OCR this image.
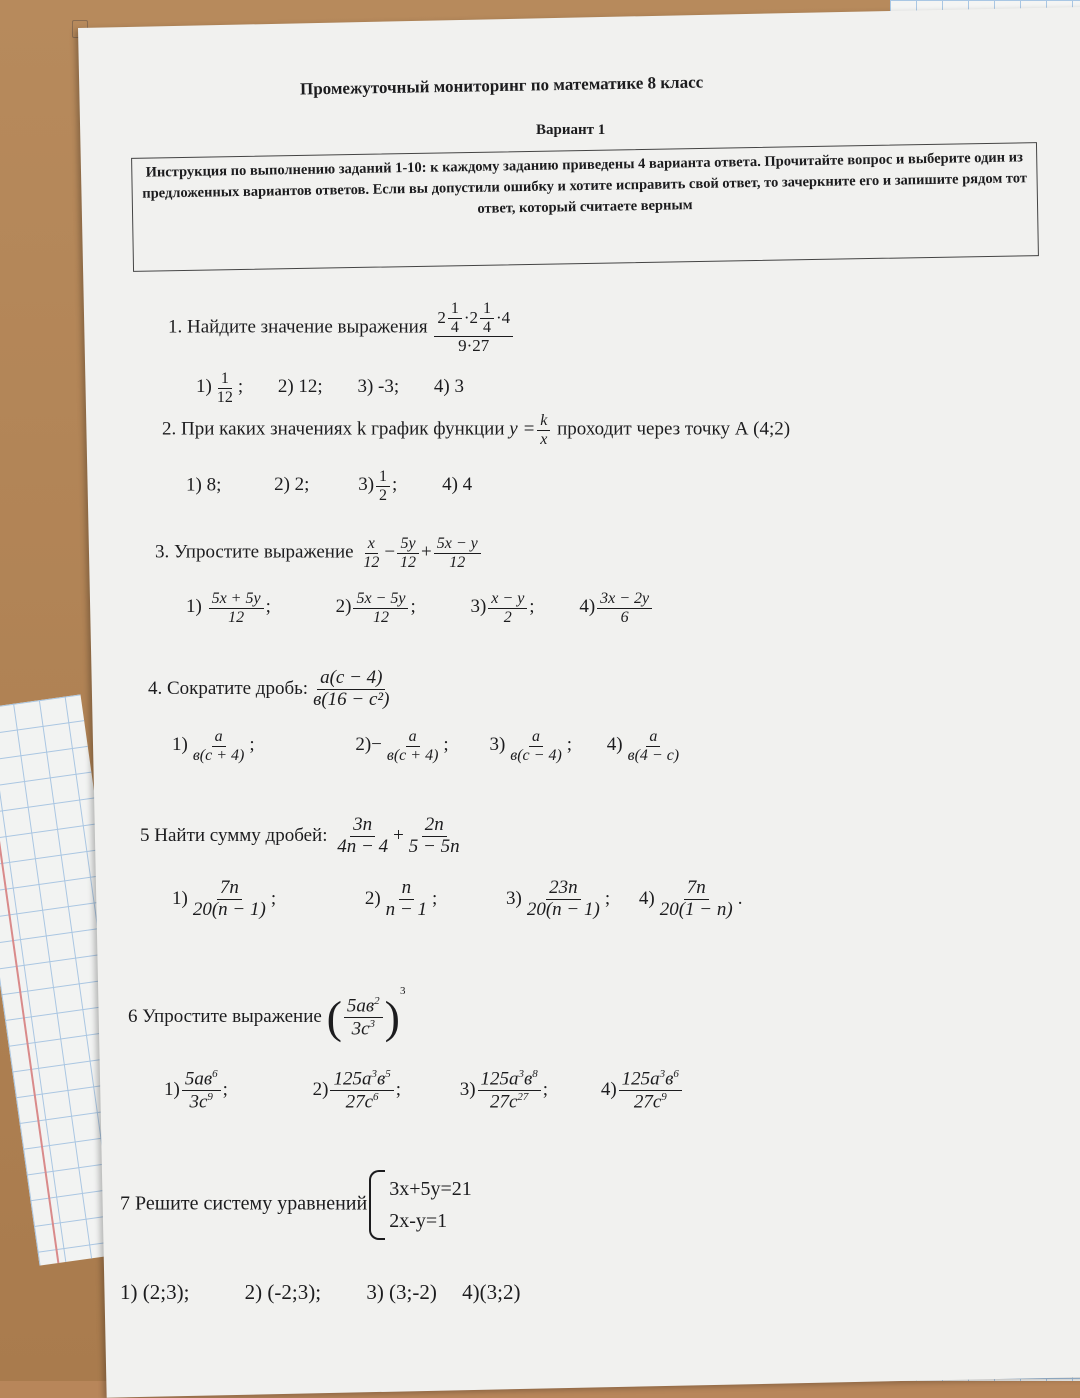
Промежуточный мониторинг по математике 8 класс
Вариант 1

Инструкция по выполнению заданий 1-10: к каждому заданию приведены 4 варианта ответа. Прочитайте вопрос и выберите один из предложенных вариантов ответов. Если вы допустили ошибку и хотите исправить свой ответ, то зачеркните его и запишите рядом тот ответ, который считаете верным

1. Найдите значение выражения $\frac{2 \frac{1}{4} \cdot 2 \frac{1}{4} \cdot 4}{9\cdot 27}$
$1) \frac{1}{12}$ ; 2) 12; 3) -3; 4) 3
2. При каких значениях k график функции $y = \frac{k}{x}$ проходит через точку А (4;2)
1) 8;	2) 2;	$3) \frac{1}{2}$ ; 4) 4
3. Упростите выражение $\frac{x}{12} - \frac{5y}{12} + \frac{5x - y}{12}$
$1) \frac{5x + 5y}{12}$ ;	$2) \frac{5x - 5y}{12}$ ;	$3) \frac{x - y}{2}$ ; $4) \frac{3x - 2y}{6}$
4. Сократите дробь: $\frac{a(c - 4)}{\text{в(16 − c²)}}$
$1) \frac{a}{в(c + 4)}$ ;	$2)- \frac{a}{в(c + 4)}$ ; $3) \frac{a}{в(c - 4)}$ ; $4) \frac{a}{в(4 - c)}$
5 Найти сумму дробей: $\frac{3n}{4n - 4} + \frac{2n}{5 - 5n}$
$1) \frac{7n}{20(n - 1)}$ ;	$2) \frac{n}{n - 1}$ ;	$3) \frac{23n}{20(n - 1)}$ ; $4) \frac{7n}{20(1 - n)}$ .
6 Упростите выражение ( $\frac{5ав^2}{3c^3} )^3$
$1) \frac{5ав^6}{3c^9}$ ;	$2) \frac{125a^3в^5}{27c^6}$ ;	$3) \frac{125a^3в^8}{27c^{27}}$ ;	$4) \frac{125a^3в^6}{27c^9}$
7 Решите систему уравнений
3x+5y=21
2x-y=1
1) (2;3);	2) (-2;3); 3) (3;-2) 4)(3;2)
